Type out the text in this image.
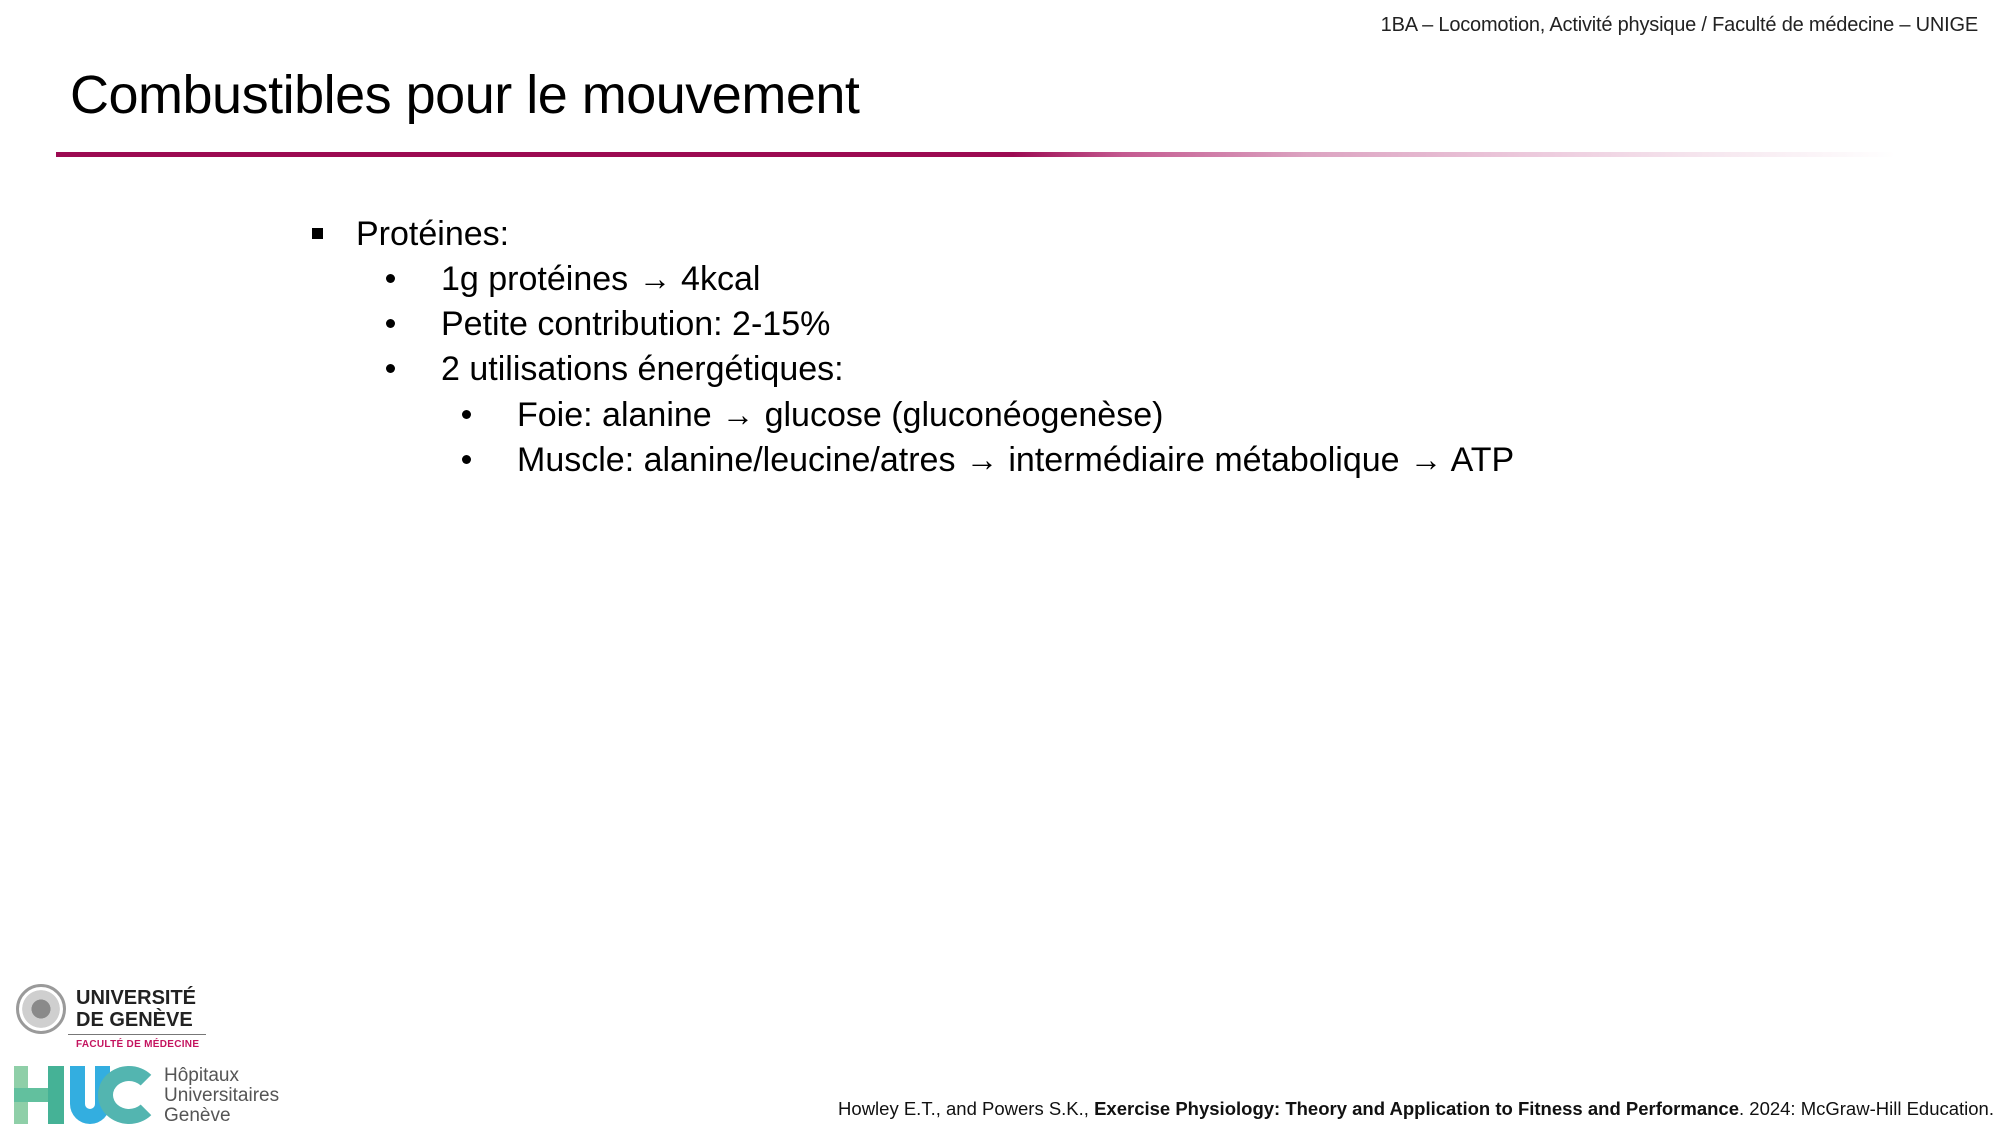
1BA – Locomotion, Activité physique / Faculté de médecine – UNIGE
Combustibles pour le mouvement
Protéines:
1g protéines → 4kcal
Petite contribution: 2-15%
2 utilisations énergétiques:
Foie: alanine → glucose (gluconéogenèse)
Muscle: alanine/leucine/atres → intermédiaire métabolique → ATP
UNIVERSITÉ
DE GENÈVE
FACULTÉ DE MÉDECINE
Hôpitaux
Universitaires
Genève	Howley E.T., and Powers S.K., Exercise Physiology: Theory and Application to Fitness and Performance. 2024: McGraw-Hill Education.
